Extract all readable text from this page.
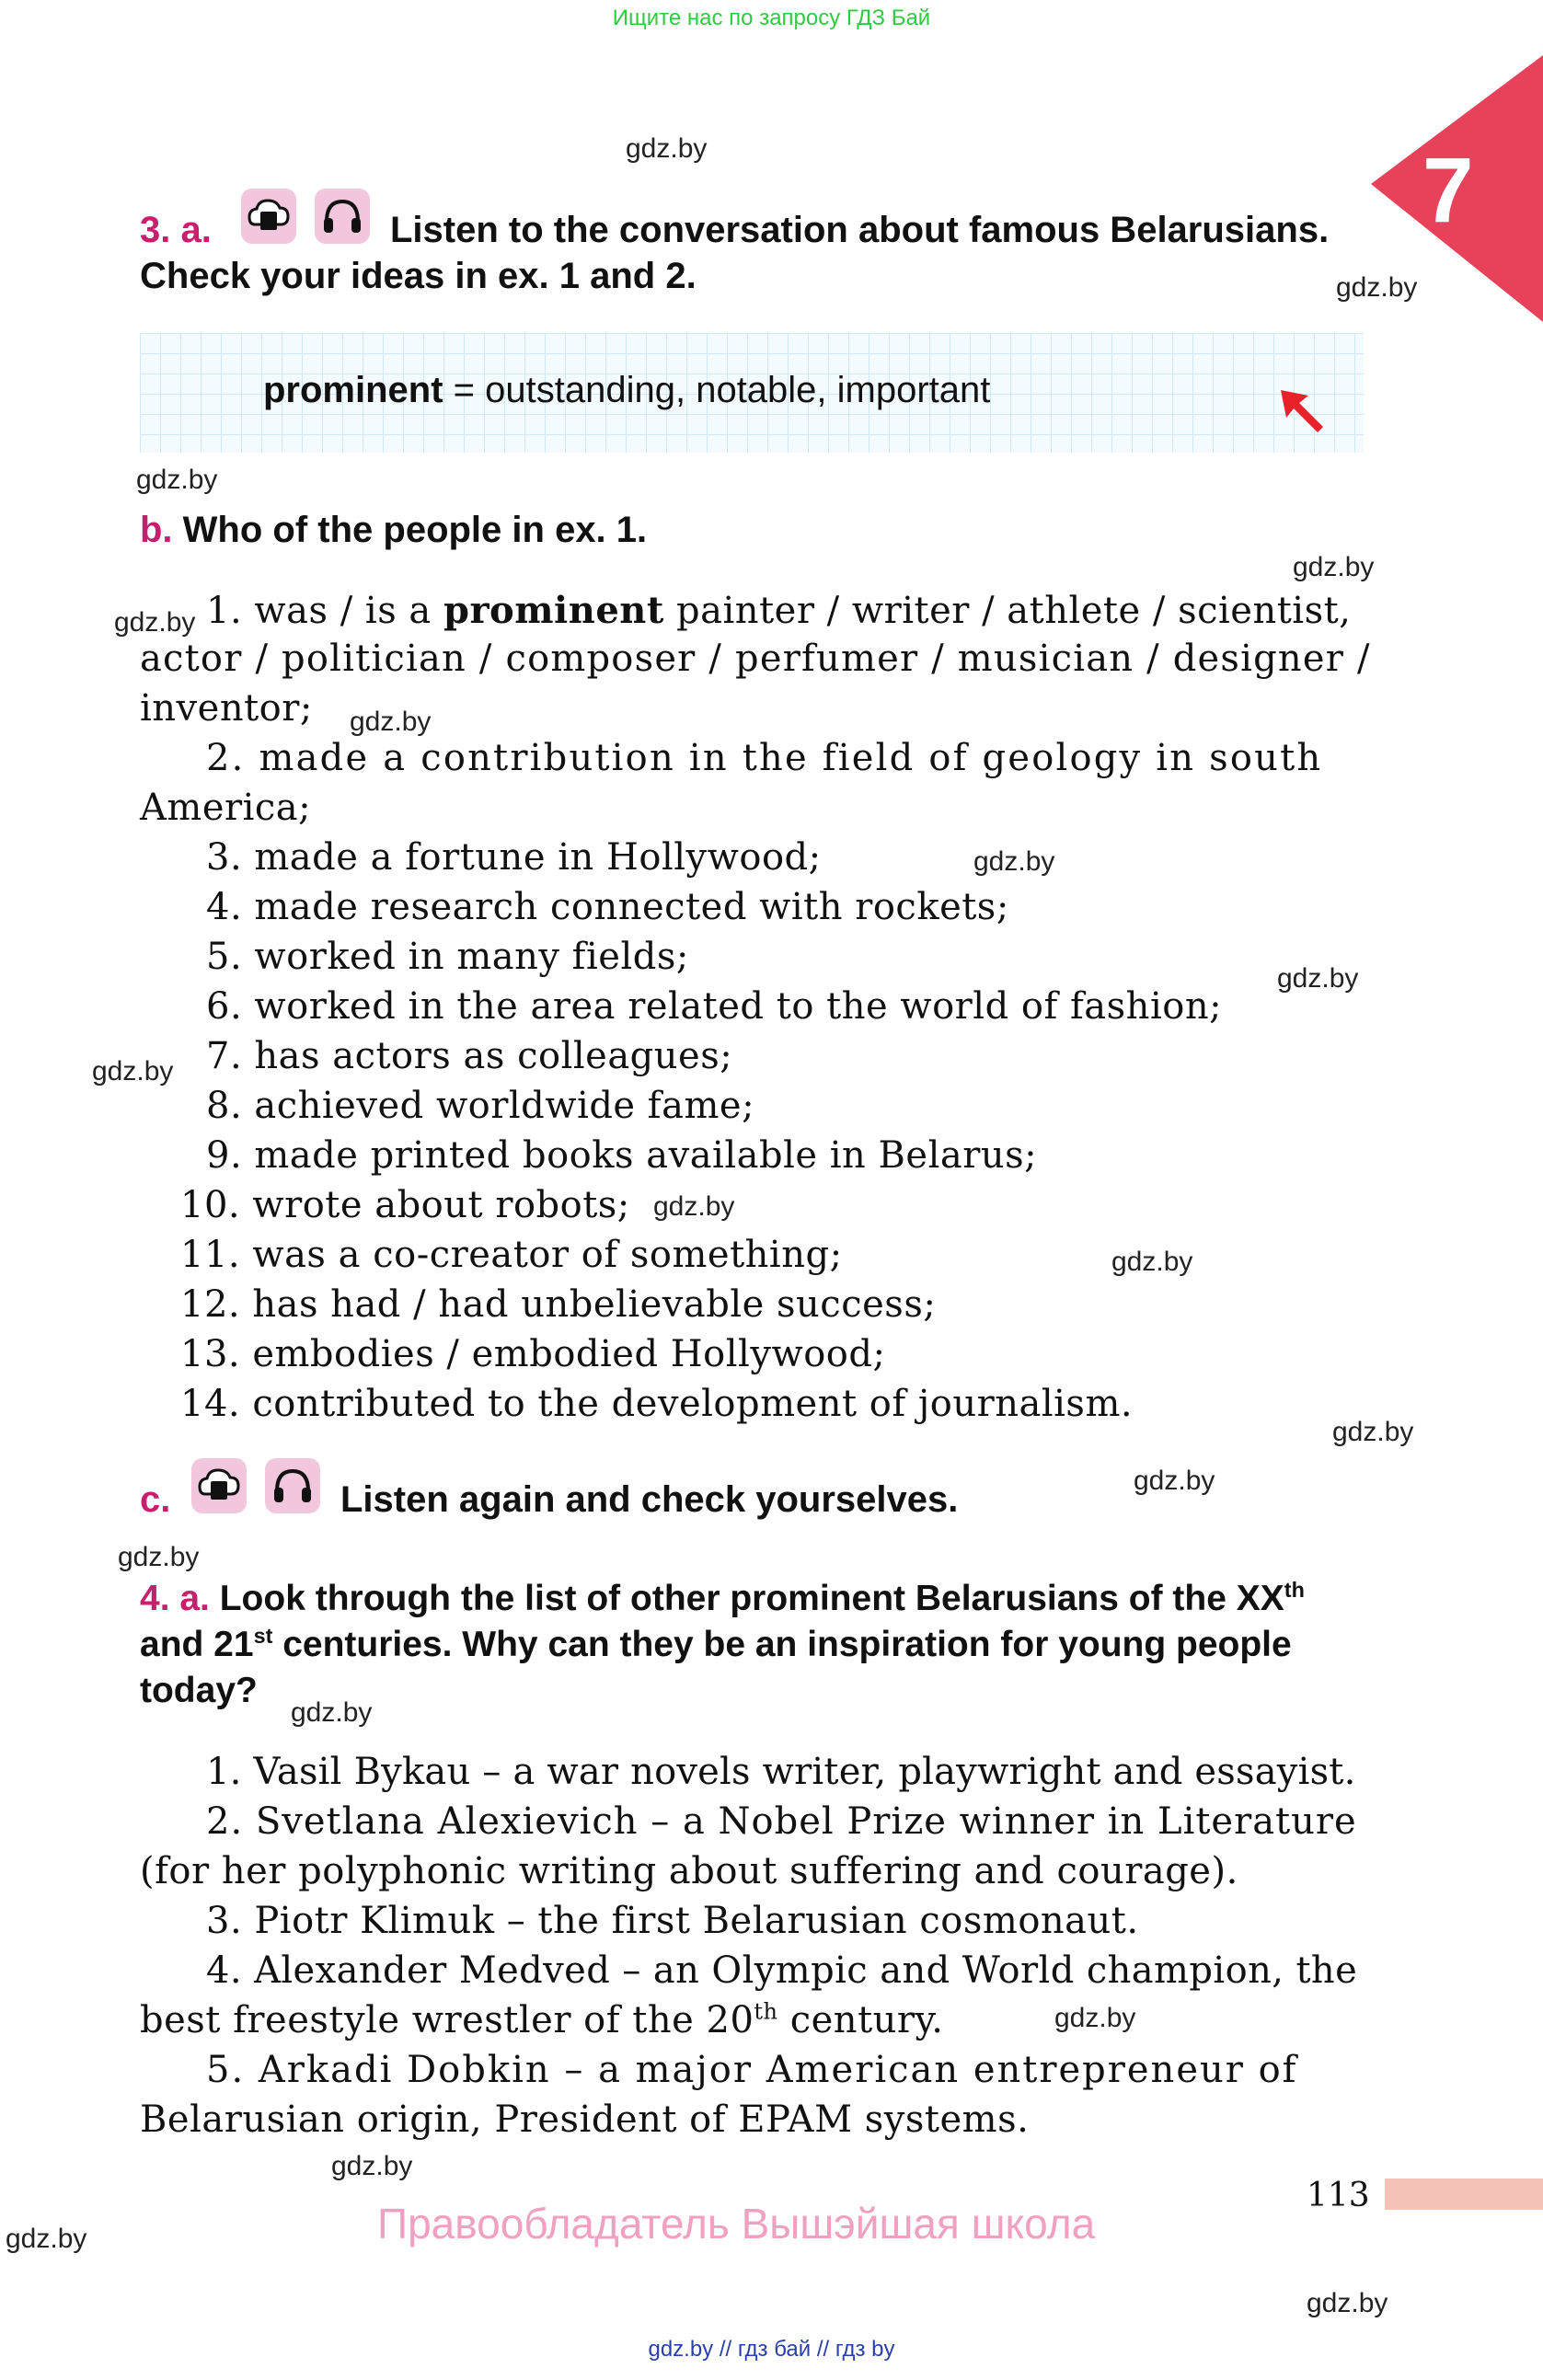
Ищите нас по запросу ГДЗ Бай
gdz.by // гдз бай // гдз by
7
gdz.by
gdz.by
gdz.by
gdz.by
gdz.by
gdz.by
gdz.by
gdz.by
gdz.by
gdz.by
gdz.by
gdz.by
gdz.by
gdz.by
gdz.by
gdz.by
gdz.by
gdz.by
gdz.by
3. a.	Listen to the conversation about famous Belarusians.
Check your ideas in ex. 1 and 2.
prominent = outstanding, notable, important
b. Who of the people in ex. 1.
1. was / is a prominent painter / writer / athlete / scientist,
actor / politician / composer / perfumer / musician / designer /
inventor;
2. made a contribution in the field of geology in south
America;
3. made a fortune in Hollywood;
4. made research connected with rockets;
5. worked in many fields;
6. worked in the area related to the world of fashion;
7. has actors as colleagues;
8. achieved worldwide fame;
9. made printed books available in Belarus;
10. wrote about robots;
11. was a co-creator of something;
12. has had / had unbelievable success;
13. embodies / embodied Hollywood;
14. contributed to the development of journalism.
c.	Listen again and check yourselves.
4. a. Look through the list of other prominent Belarusians of the XXth
and 21st centuries. Why can they be an inspiration for young people
today?
1. Vasil Bykau – a war novels writer, playwright and essayist.
2. Svetlana Alexievich – a Nobel Prize winner in Literature
(for her polyphonic writing about suffering and courage).
3. Piotr Klimuk – the first Belarusian cosmonaut.
4. Alexander Medved – an Olympic and World champion, the
best freestyle wrestler of the 20th century.
5. Arkadi Dobkin – a major American entrepreneur of
Belarusian origin, President of EPAM systems.
113
Правообладатель Вышэйшая школа
